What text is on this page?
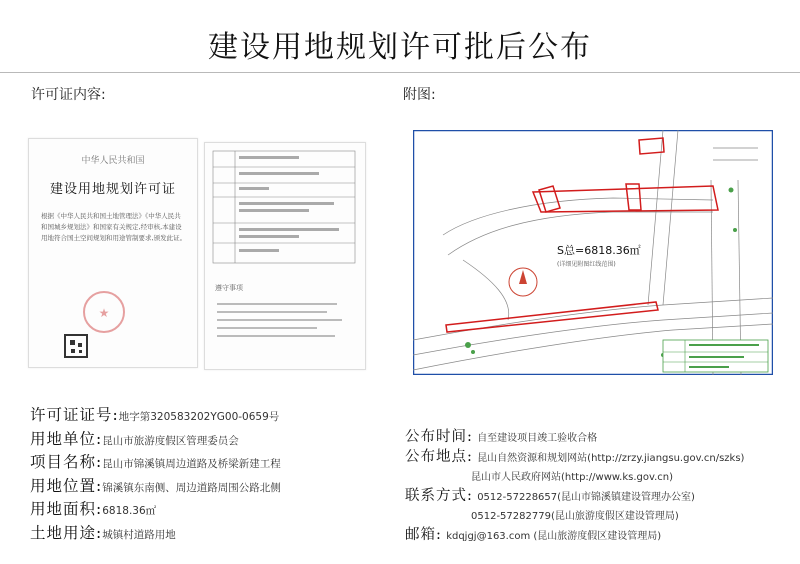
建设用地规划许可批后公布
许可证内容:	附图:
中华人民共和国
建设用地规划许可证
根据《中华人民共和国土地管理法》《中华人民共和国城乡规划法》和国家有关规定,经审核,本建设用地符合国土空间规划和用途管制要求,颁发此证。
★
遵守事项
S总=6818.36㎡
(详细见附图红线范围)
许可证证号:地字第320583202YG00-0659号
用地单位:昆山市旅游度假区管理委员会
项目名称:昆山市锦溪镇周边道路及桥梁新建工程
用地位置:锦溪镇东南侧、周边道路周围公路北侧
用地面积:6818.36㎡
土地用途:城镇村道路用地
公布时间: 自至建设项目竣工验收合格
公布地点: 昆山自然资源和规划网站(http://zrzy.jiangsu.gov.cn/szks)
昆山市人民政府网站(http://www.ks.gov.cn)
联系方式: 0512-57228657(昆山市锦溪镇建设管理办公室)
0512-57282779(昆山旅游度假区建设管理局)
邮箱: kdqjgj@163.com (昆山旅游度假区建设管理局)
